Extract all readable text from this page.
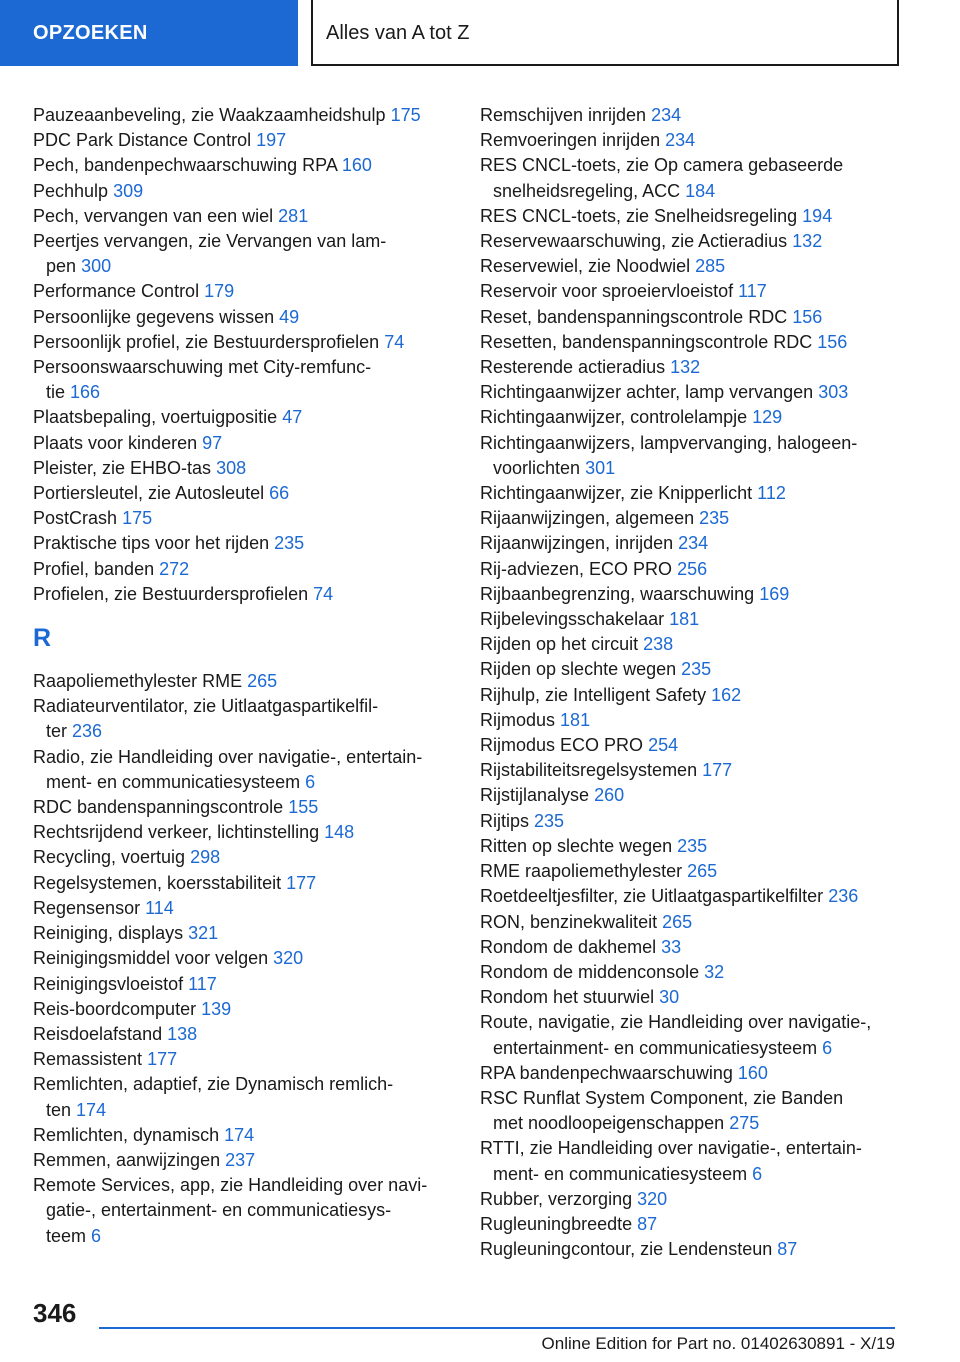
OPZOEKEN	Alles van A tot Z
Pauzeaanbeveling, zie Waakzaamheidshulp 175
PDC Park Distance Control 197
Pech, bandenpechwaarschuwing RPA 160
Pechhulp 309
Pech, vervangen van een wiel 281
Peertjes vervangen, zie Vervangen van lam-
pen 300
Performance Control 179
Persoonlijke gegevens wissen 49
Persoonlijk profiel, zie Bestuurdersprofielen 74
Persoonswaarschuwing met City-remfunc-
tie 166
Plaatsbepaling, voertuigpositie 47
Plaats voor kinderen 97
Pleister, zie EHBO-tas 308
Portiersleutel, zie Autosleutel 66
PostCrash 175
Praktische tips voor het rijden 235
Profiel, banden 272
Profielen, zie Bestuurdersprofielen 74
R
Raapoliemethylester RME 265
Radiateurventilator, zie Uitlaatgaspartikelfil-
ter 236
Radio, zie Handleiding over navigatie-, entertain-
ment- en communicatiesysteem 6
RDC bandenspanningscontrole 155
Rechtsrijdend verkeer, lichtinstelling 148
Recycling, voertuig 298
Regelsystemen, koersstabiliteit 177
Regensensor 114
Reiniging, displays 321
Reinigingsmiddel voor velgen 320
Reinigingsvloeistof 117
Reis-boordcomputer 139
Reisdoelafstand 138
Remassistent 177
Remlichten, adaptief, zie Dynamisch remlich-
ten 174
Remlichten, dynamisch 174
Remmen, aanwijzingen 237
Remote Services, app, zie Handleiding over navi-
gatie-, entertainment- en communicatiesys-
teem 6
Remschijven inrijden 234
Remvoeringen inrijden 234
RES CNCL-toets, zie Op camera gebaseerde
snelheidsregeling, ACC 184
RES CNCL-toets, zie Snelheidsregeling 194
Reservewaarschuwing, zie Actieradius 132
Reservewiel, zie Noodwiel 285
Reservoir voor sproeiervloeistof 117
Reset, bandenspanningscontrole RDC 156
Resetten, bandenspanningscontrole RDC 156
Resterende actieradius 132
Richtingaanwijzer achter, lamp vervangen 303
Richtingaanwijzer, controlelampje 129
Richtingaanwijzers, lampvervanging, halogeen-
voorlichten 301
Richtingaanwijzer, zie Knipperlicht 112
Rijaanwijzingen, algemeen 235
Rijaanwijzingen, inrijden 234
Rij-adviezen, ECO PRO 256
Rijbaanbegrenzing, waarschuwing 169
Rijbelevingsschakelaar 181
Rijden op het circuit 238
Rijden op slechte wegen 235
Rijhulp, zie Intelligent Safety 162
Rijmodus 181
Rijmodus ECO PRO 254
Rijstabiliteitsregelsystemen 177
Rijstijlanalyse 260
Rijtips 235
Ritten op slechte wegen 235
RME raapoliemethylester 265
Roetdeeltjesfilter, zie Uitlaatgaspartikelfilter 236
RON, benzinekwaliteit 265
Rondom de dakhemel 33
Rondom de middenconsole 32
Rondom het stuurwiel 30
Route, navigatie, zie Handleiding over navigatie-,
entertainment- en communicatiesysteem 6
RPA bandenpechwaarschuwing 160
RSC Runflat System Component, zie Banden
met noodloopeigenschappen 275
RTTI, zie Handleiding over navigatie-, entertain-
ment- en communicatiesysteem 6
Rubber, verzorging 320
Rugleuningbreedte 87
Rugleuningcontour, zie Lendensteun 87
346
Online Edition for Part no. 01402630891 - X/19
